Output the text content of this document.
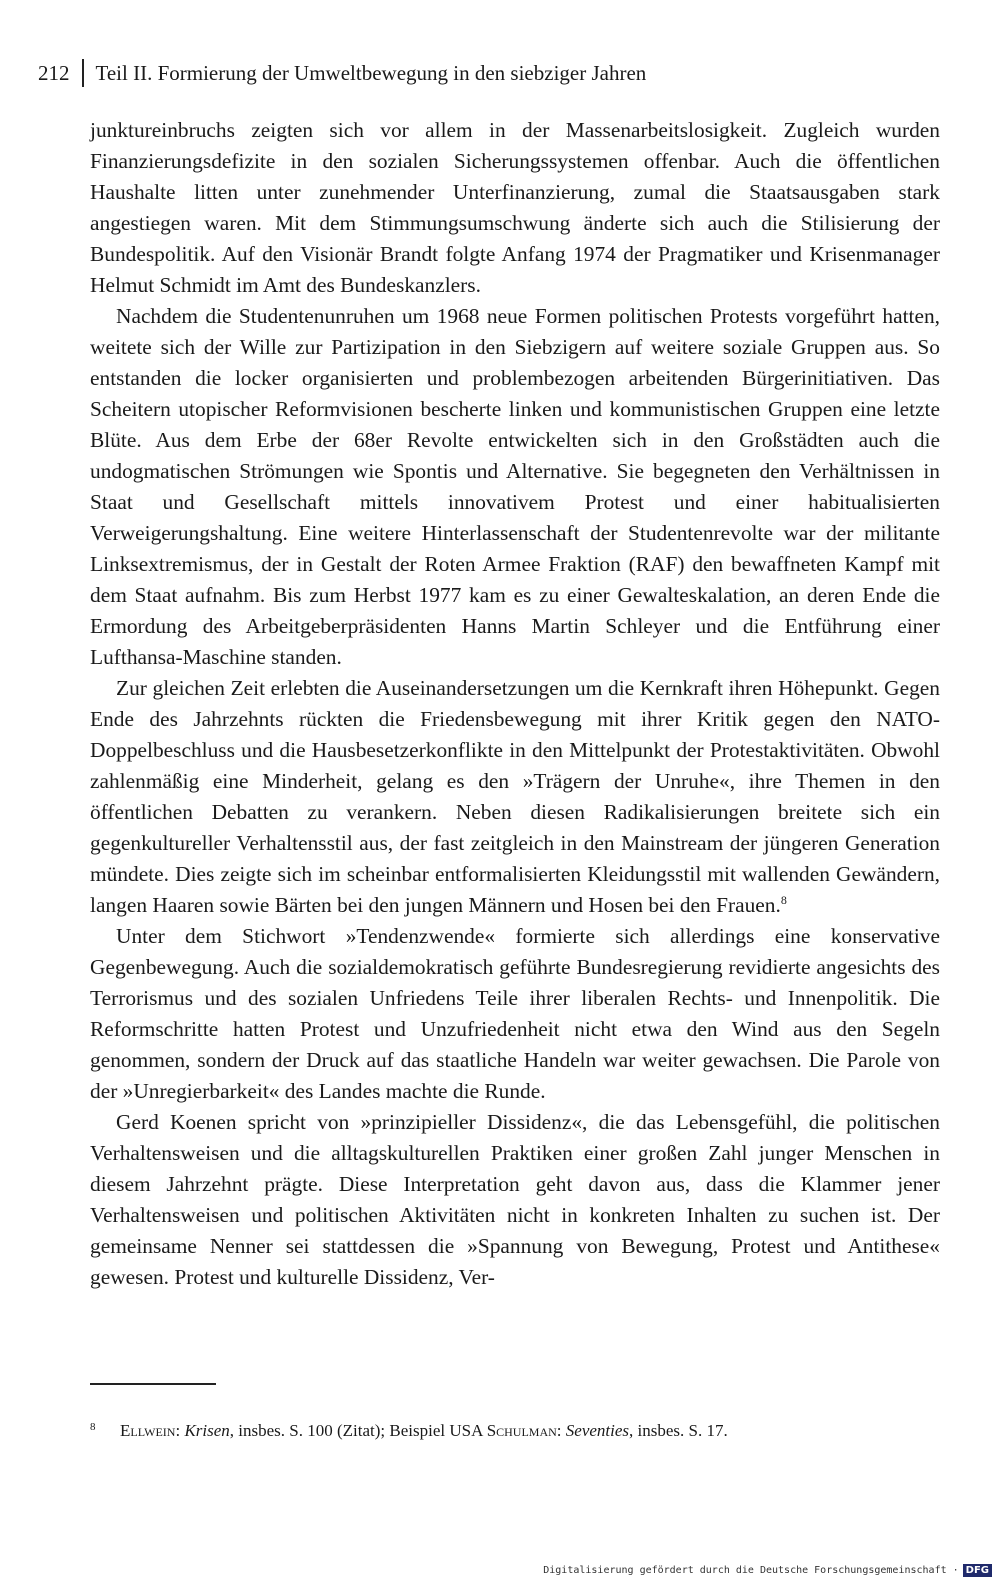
212 Teil II. Formierung der Umweltbewegung in den siebziger Jahren

junktureinbruchs zeigten sich vor allem in der Massenarbeitslosigkeit. Zugleich wurden Finanzierungsdefizite in den sozialen Sicherungssystemen offenbar. Auch die öffentlichen Haushalte litten unter zunehmender Unterfinanzierung, zumal die Staatsausgaben stark angestiegen waren. Mit dem Stimmungsumschwung änderte sich auch die Stilisierung der Bundespolitik. Auf den Visionär Brandt folgte Anfang 1974 der Pragmatiker und Krisenmanager Helmut Schmidt im Amt des Bundeskanzlers.

Nachdem die Studentenunruhen um 1968 neue Formen politischen Protests vorgeführt hatten, weitete sich der Wille zur Partizipation in den Siebzigern auf weitere soziale Gruppen aus. So entstanden die locker organisierten und problembezogen arbeitenden Bürgerinitiativen. Das Scheitern utopischer Reformvisionen bescherte linken und kommunistischen Gruppen eine letzte Blüte. Aus dem Erbe der 68er Revolte entwickelten sich in den Großstädten auch die undogmatischen Strömungen wie Spontis und Alternative. Sie begegneten den Verhältnissen in Staat und Gesellschaft mittels innovativem Protest und einer habitualisierten Verweigerungshaltung. Eine weitere Hinterlassenschaft der Studentenrevolte war der militante Linksextremismus, der in Gestalt der Roten Armee Fraktion (RAF) den bewaffneten Kampf mit dem Staat aufnahm. Bis zum Herbst 1977 kam es zu einer Gewalteskalation, an deren Ende die Ermordung des Arbeitgeberpräsidenten Hanns Martin Schleyer und die Entführung einer Lufthansa-Maschine standen.

Zur gleichen Zeit erlebten die Auseinandersetzungen um die Kernkraft ihren Höhepunkt. Gegen Ende des Jahrzehnts rückten die Friedensbewegung mit ihrer Kritik gegen den NATO-Doppelbeschluss und die Hausbesetzerkonflikte in den Mittelpunkt der Protestaktivitäten. Obwohl zahlenmäßig eine Minderheit, gelang es den »Trägern der Unruhe«, ihre Themen in den öffentlichen Debatten zu verankern. Neben diesen Radikalisierungen breitete sich ein gegenkultureller Verhaltensstil aus, der fast zeitgleich in den Mainstream der jüngeren Generation mündete. Dies zeigte sich im scheinbar entformalisierten Kleidungsstil mit wallenden Gewändern, langen Haaren sowie Bärten bei den jungen Männern und Hosen bei den Frauen.$^8$

Unter dem Stichwort »Tendenzwende« formierte sich allerdings eine konservative Gegenbewegung. Auch die sozialdemokratisch geführte Bundesregierung revidierte angesichts des Terrorismus und des sozialen Unfriedens Teile ihrer liberalen Rechts- und Innenpolitik. Die Reformschritte hatten Protest und Unzufriedenheit nicht etwa den Wind aus den Segeln genommen, sondern der Druck auf das staatliche Handeln war weiter gewachsen. Die Parole von der »Unregierbarkeit« des Landes machte die Runde.

Gerd Koenen spricht von »prinzipieller Dissidenz«, die das Lebensgefühl, die politischen Verhaltensweisen und die alltagskulturellen Praktiken einer großen Zahl junger Menschen in diesem Jahrzehnt prägte. Diese Interpretation geht davon aus, dass die Klammer jener Verhaltensweisen und politischen Aktivitäten nicht in konkreten Inhalten zu suchen ist. Der gemeinsame Nenner sei stattdessen die »Spannung von Bewegung, Protest und Antithese« gewesen. Protest und kulturelle Dissidenz, Ver-

8 Ellwein: Krisen, insbes. S. 100 (Zitat); Beispiel USA Schulman: Seventies, insbes. S. 17.
Digitalisierung gefördert durch die Deutsche Forschungsgemeinschaft · DFG
